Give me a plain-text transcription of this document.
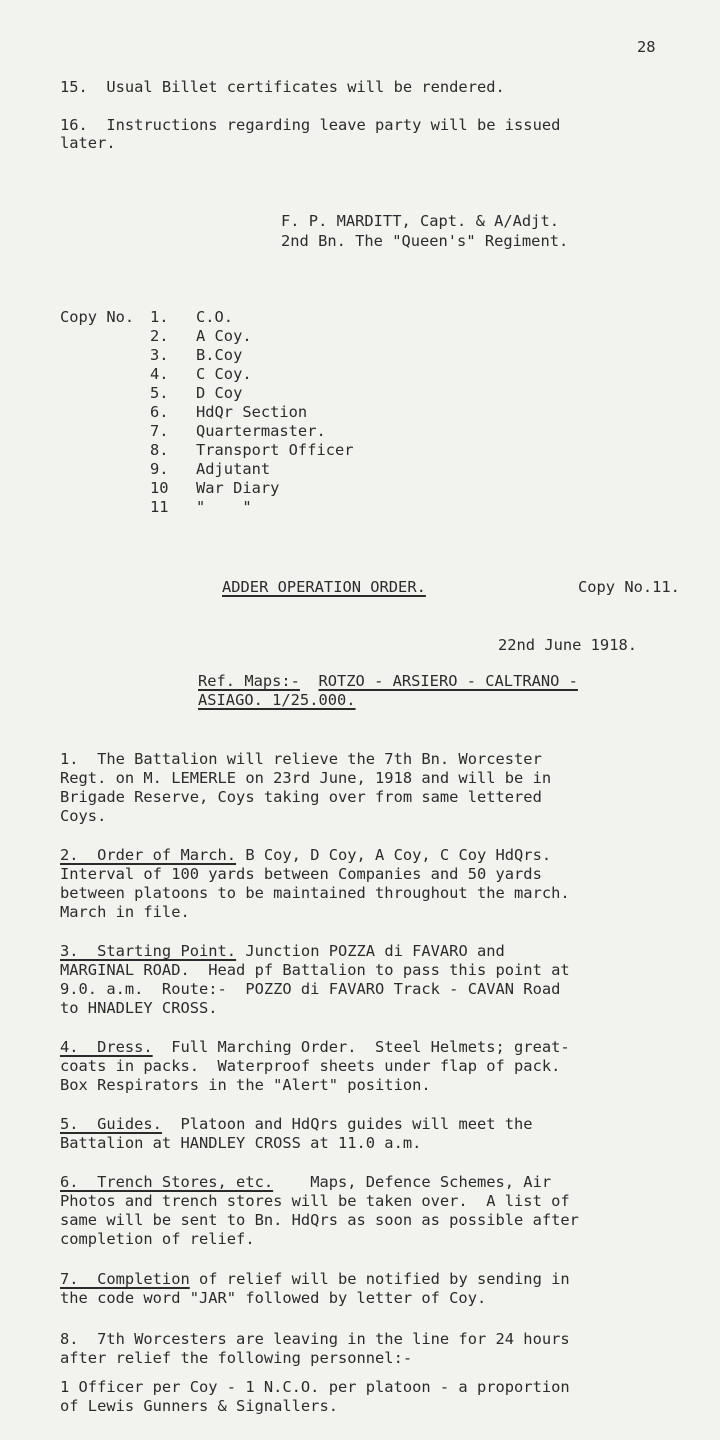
28
15.  Usual Billet certificates will be rendered.
16.  Instructions regarding leave party will be issued
later.
F. P. MARDITT, Capt. & A/Adjt.
2nd Bn. The "Queen's" Regiment.
Copy No. 1. C.O.
2. A Coy.
3. B.Coy
4. C Coy.
5. D Coy
6. HdQr Section
7. Quartermaster.
8. Transport Officer
9. Adjutant
10 War Diary
11 "    "
ADDER OPERATION ORDER.	Copy No.11.
22nd June 1918.
Ref. Maps:- ROTZO - ARSIERO - CALTRANO -
ASIAGO. 1/25.000.
1.  The Battalion will relieve the 7th Bn. Worcester
Regt. on M. LEMERLE on 23rd June, 1918 and will be in
Brigade Reserve, Coys taking over from same lettered
Coys.
2.  Order of March. B Coy, D Coy, A Coy, C Coy HdQrs.
Interval of 100 yards between Companies and 50 yards
between platoons to be maintained throughout the march.
March in file.
3.  Starting Point. Junction POZZA di FAVARO and
MARGINAL ROAD.  Head pf Battalion to pass this point at
9.0. a.m.  Route:-  POZZO di FAVARO Track - CAVAN Road
to HNADLEY CROSS.
4.  Dress.  Full Marching Order.  Steel Helmets; great-
coats in packs.  Waterproof sheets under flap of pack.
Box Respirators in the "Alert" position.
5.  Guides.  Platoon and HdQrs guides will meet the
Battalion at HANDLEY CROSS at 11.0 a.m.
6.  Trench Stores, etc.    Maps, Defence Schemes, Air
Photos and trench stores will be taken over.  A list of
same will be sent to Bn. HdQrs as soon as possible after
completion of relief.
7.  Completion of relief will be notified by sending in
the code word "JAR" followed by letter of Coy.
8.  7th Worcesters are leaving in the line for 24 hours
after relief the following personnel:-
1 Officer per Coy - 1 N.C.O. per platoon - a proportion
of Lewis Gunners & Signallers.
